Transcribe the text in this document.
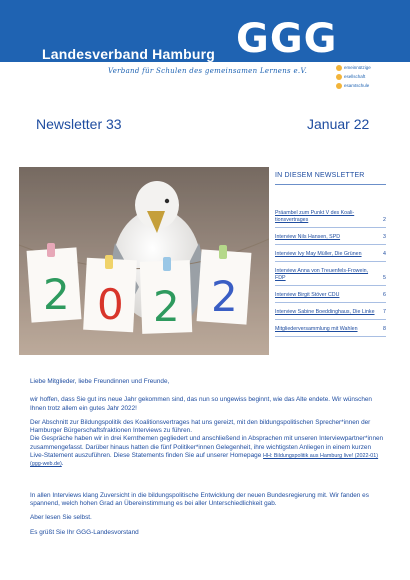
Landesverband Hamburg GGG
Verband für Schulen des gemeinsamen Lernens e.V.	emeinnützige
esellschaft
esamtschule
Newsletter 33	Januar 22
2 0 2 2
IN DIESEM NEWSLETTER
Präambel zum Punkt V des Koali-tionsvertrages	2
Interview Nils Hansen, SPD	3
Interview Ivy May Müller, Die Grünen	4
Interview Anna von Treuenfels-Frowein, FDP	5
Interview Birgit Stöver CDU	6
Interview Sabine Boeddinghaus, Die Linke 7
Mitgliederversammlung mit Wahlen	8

Liebe Mitglieder, liebe Freundinnen und Freunde,

wir hoffen, dass Sie gut ins neue Jahr gekommen sind, das nun so ungewiss beginnt, wie das Alte endete. Wir wünschen Ihnen trotz allem ein gutes Jahr 2022!

Der Abschnitt zur Bildungspolitik des Koalitionsvertrages hat uns gereizt, mit den bildungspolitischen Sprecher*innen der Hamburger Bürgerschaftsfraktionen Interviews zu führen.

Die Gespräche haben wir in drei Kernthemen gegliedert und anschließend in Absprachen mit unseren Interviewpartner*innen zusammengefasst. Darüber hinaus hatten die fünf Politiker*innen Gelegenheit, ihre wichtigsten Anliegen in einem kurzen Live-Statement auszuführen. Diese Statements finden Sie auf unserer Homepage HH: Bildungspolitik aus Hamburg live! (2022-01) (ggg-web.de).

In allen Interviews klang Zuversicht in die bildungspolitische Entwicklung der neuen Bundesregierung mit. Wir fanden es spannend, welch hohen Grad an Übereinstimmung es bei aller Unterschiedlichkeit gab.

Aber lesen Sie selbst.

Es grüßt Sie Ihr GGG-Landesvorstand
